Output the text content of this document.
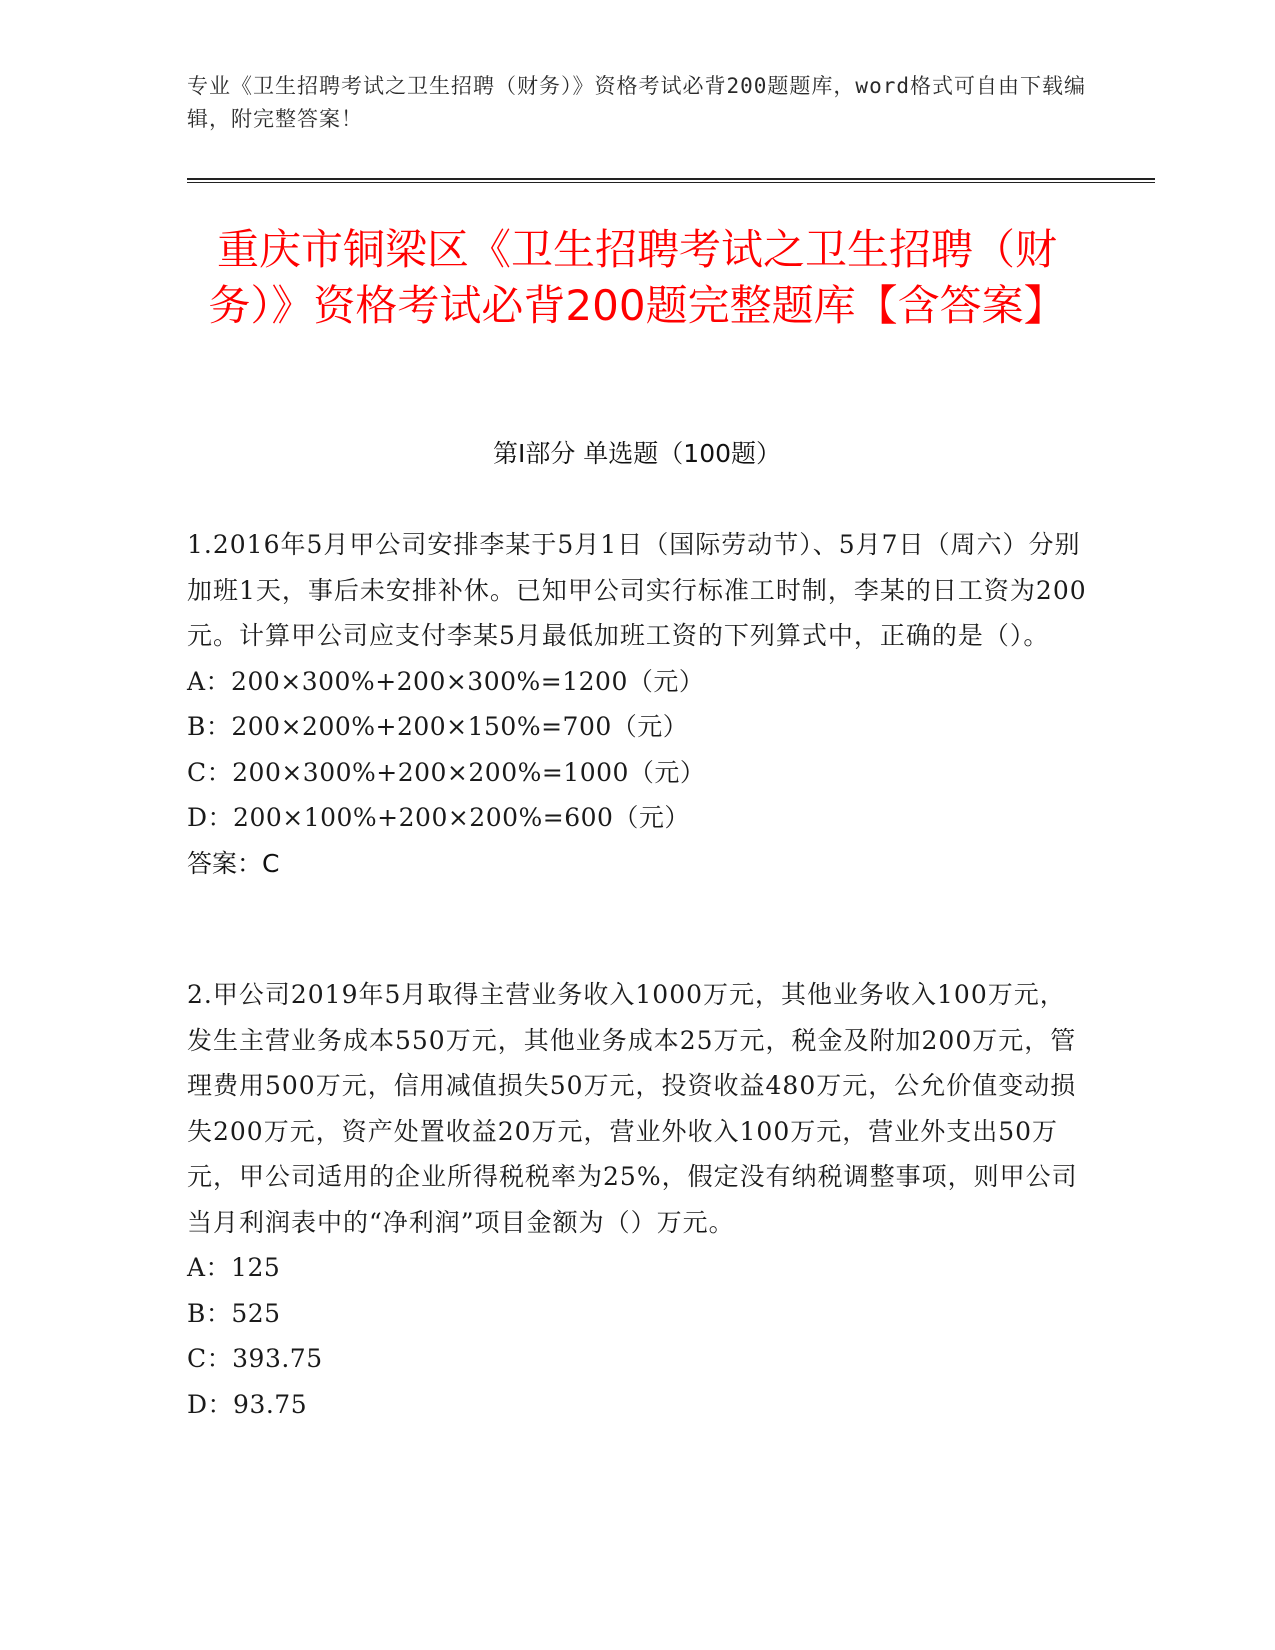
专业《卫生招聘考试之卫生招聘（财务）》资格考试必背200题题库，word格式可自由下载编辑，附完整答案！
重庆市铜梁区《卫生招聘考试之卫生招聘（财务）》资格考试必背200题完整题库【含答案】
第I部分 单选题（100题）

1.2016年5月甲公司安排李某于5月1日（国际劳动节）、5月7日（周六）分别加班1天，事后未安排补休。已知甲公司实行标准工时制，李某的日工资为200元。计算甲公司应支付李某5月最低加班工资的下列算式中，正确的是（）。

A：200×300%+200×300%=1200（元）

B：200×200%+200×150%=700（元）

C：200×300%+200×200%=1000（元）

D：200×100%+200×200%=600（元）

答案：C

2.甲公司2019年5月取得主营业务收入1000万元，其他业务收入100万元，发生主营业务成本550万元，其他业务成本25万元，税金及附加200万元，管理费用500万元，信用减值损失50万元，投资收益480万元，公允价值变动损失200万元，资产处置收益20万元，营业外收入100万元，营业外支出50万元，甲公司适用的企业所得税税率为25%，假定没有纳税调整事项，则甲公司当月利润表中的“净利润”项目金额为（）万元。

A：125

B：525

C：393.75

D：93.75
